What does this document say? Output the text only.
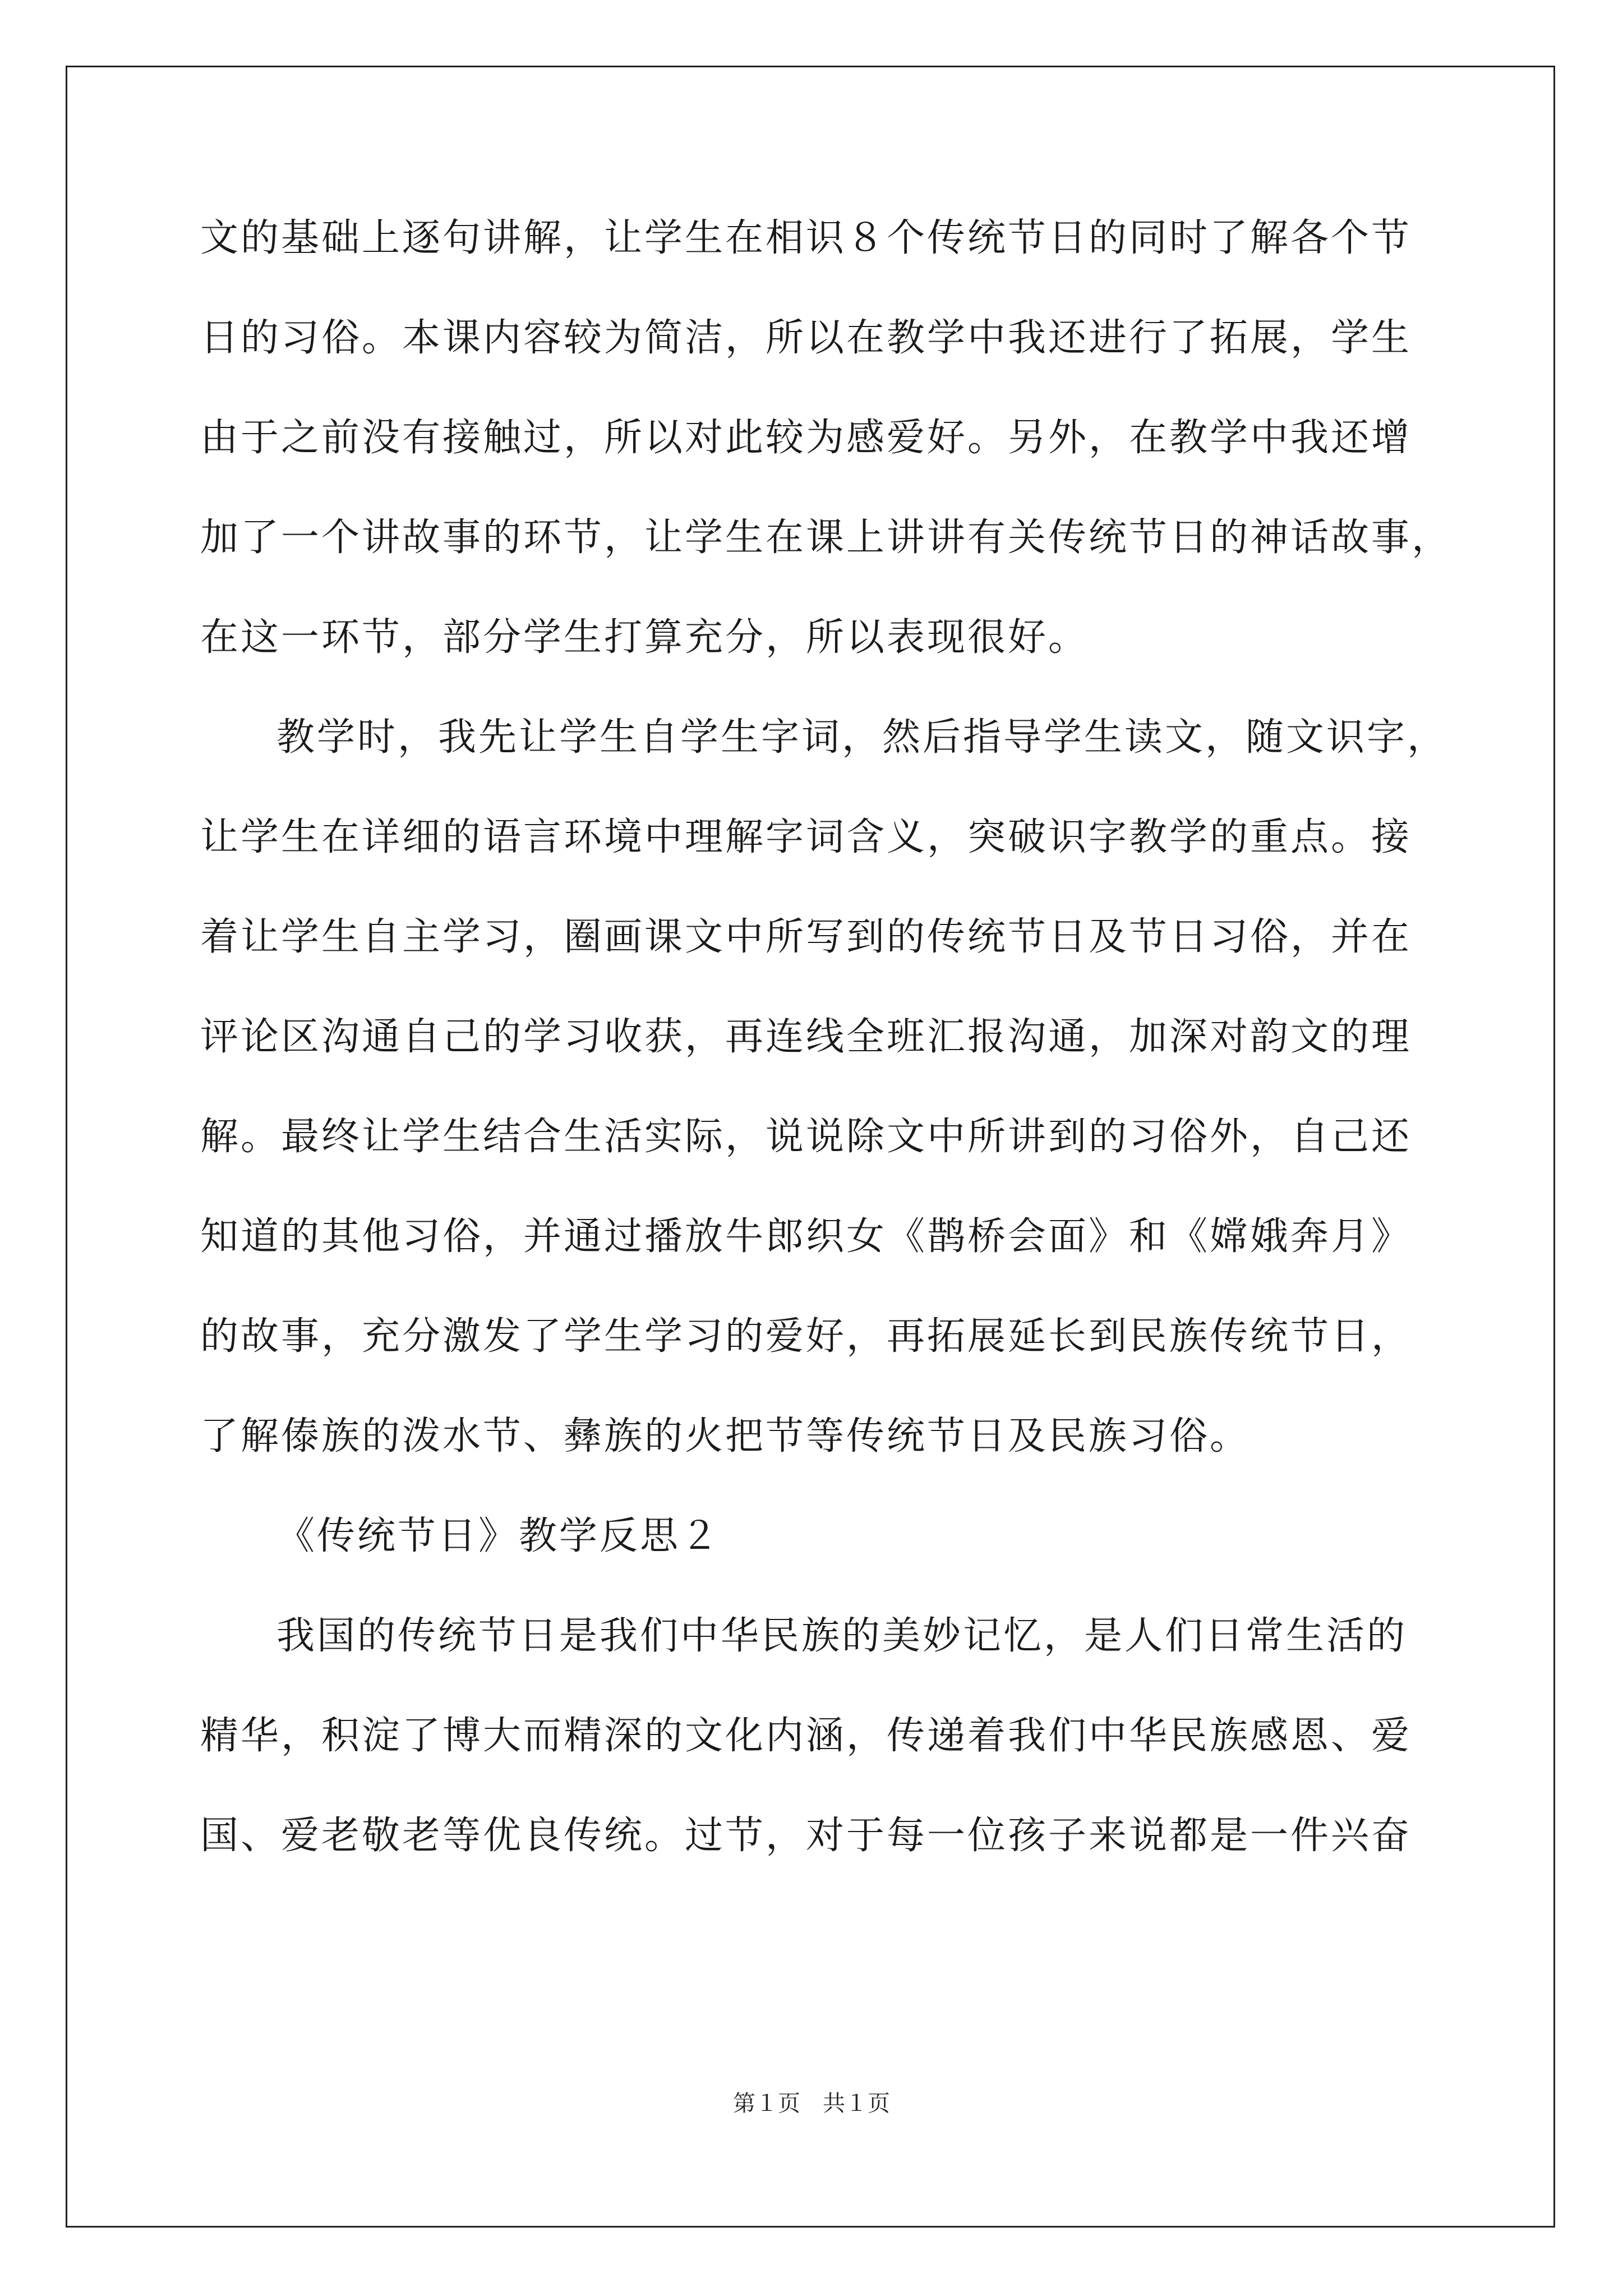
文的基础上逐句讲解，让学生在相识８个传统节日的同时了解各个节
日的习俗。本课内容较为简洁，所以在教学中我还进行了拓展，学生
由于之前没有接触过，所以对此较为感爱好。另外，在教学中我还增
加了一个讲故事的环节，让学生在课上讲讲有关传统节日的神话故事，
在这一环节，部分学生打算充分，所以表现很好。
教学时，我先让学生自学生字词，然后指导学生读文，随文识字，
让学生在详细的语言环境中理解字词含义，突破识字教学的重点。接
着让学生自主学习，圈画课文中所写到的传统节日及节日习俗，并在
评论区沟通自己的学习收获，再连线全班汇报沟通，加深对韵文的理
解。最终让学生结合生活实际，说说除文中所讲到的习俗外，自己还
知道的其他习俗，并通过播放牛郎织女《鹊桥会面》和《嫦娥奔月》
的故事，充分激发了学生学习的爱好，再拓展延长到民族传统节日，
了解傣族的泼水节、彝族的火把节等传统节日及民族习俗。
《传统节日》教学反思２
我国的传统节日是我们中华民族的美妙记忆，是人们日常生活的
精华，积淀了博大而精深的文化内涵，传递着我们中华民族感恩、爱
国、爱老敬老等优良传统。过节，对于每一位孩子来说都是一件兴奋
第１页　共１页
